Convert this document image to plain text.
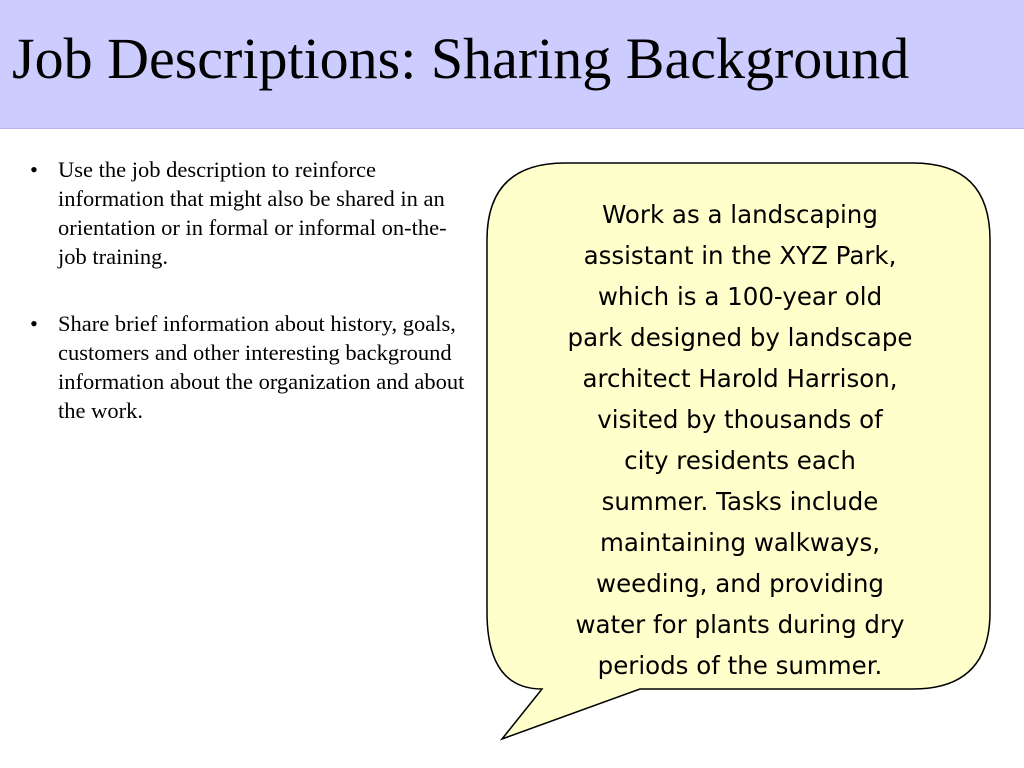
Job Descriptions: Sharing Background
• Use the job description to reinforce information that might also be shared in an orientation or in formal or informal on-the-job training.
• Share brief information about history, goals, customers and other interesting background information about the organization and about the work.
Work as a landscaping
assistant in the XYZ Park,
which is a 100-year old
park designed by landscape
architect Harold Harrison,
visited by thousands of
city residents each
summer. Tasks include
maintaining walkways,
weeding, and providing
water for plants during dry
periods of the summer.
